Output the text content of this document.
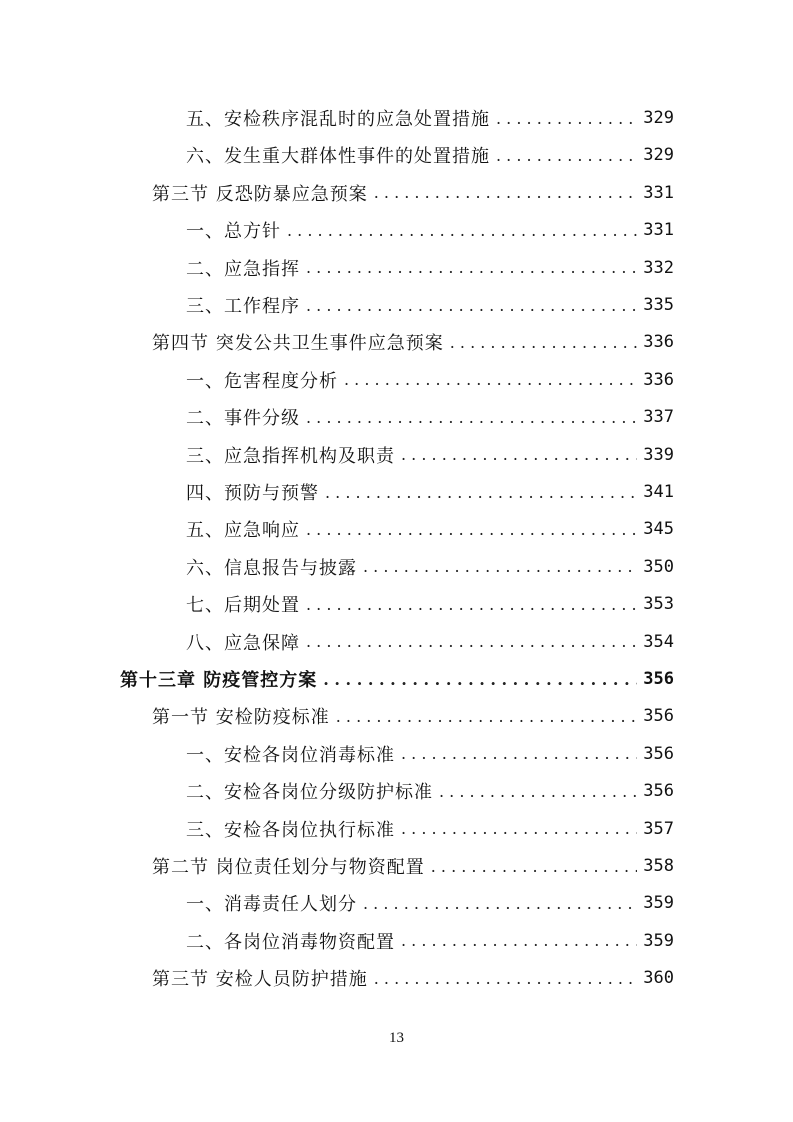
五、安检秩序混乱时的应急处置措施 . . .	329
六、发生重大群体性事件的处置措施 . . .	329
第三节 反恐防暴应急预案 . . .	331
一、总方针 . . .	331
二、应急指挥 . . .	332
三、工作程序 . . .	335
第四节 突发公共卫生事件应急预案 . . .	336
一、危害程度分析 . . .	336
二、事件分级 . . .	337
三、应急指挥机构及职责 . . .	339
四、预防与预警 . . .	341
五、应急响应 . . .	345
六、信息报告与披露 . . .	350
七、后期处置 . . .	353
八、应急保障 . . .	354
第十三章 防疫管控方案 . . .	356
第一节 安检防疫标准 . . .	356
一、安检各岗位消毒标准 . . .	356
二、安检各岗位分级防护标准 . . .	356
三、安检各岗位执行标准 . . .	357
第二节 岗位责任划分与物资配置 . . .	358
一、消毒责任人划分 . . .	359
二、各岗位消毒物资配置 . . .	359
第三节 安检人员防护措施 . . .	360
13
